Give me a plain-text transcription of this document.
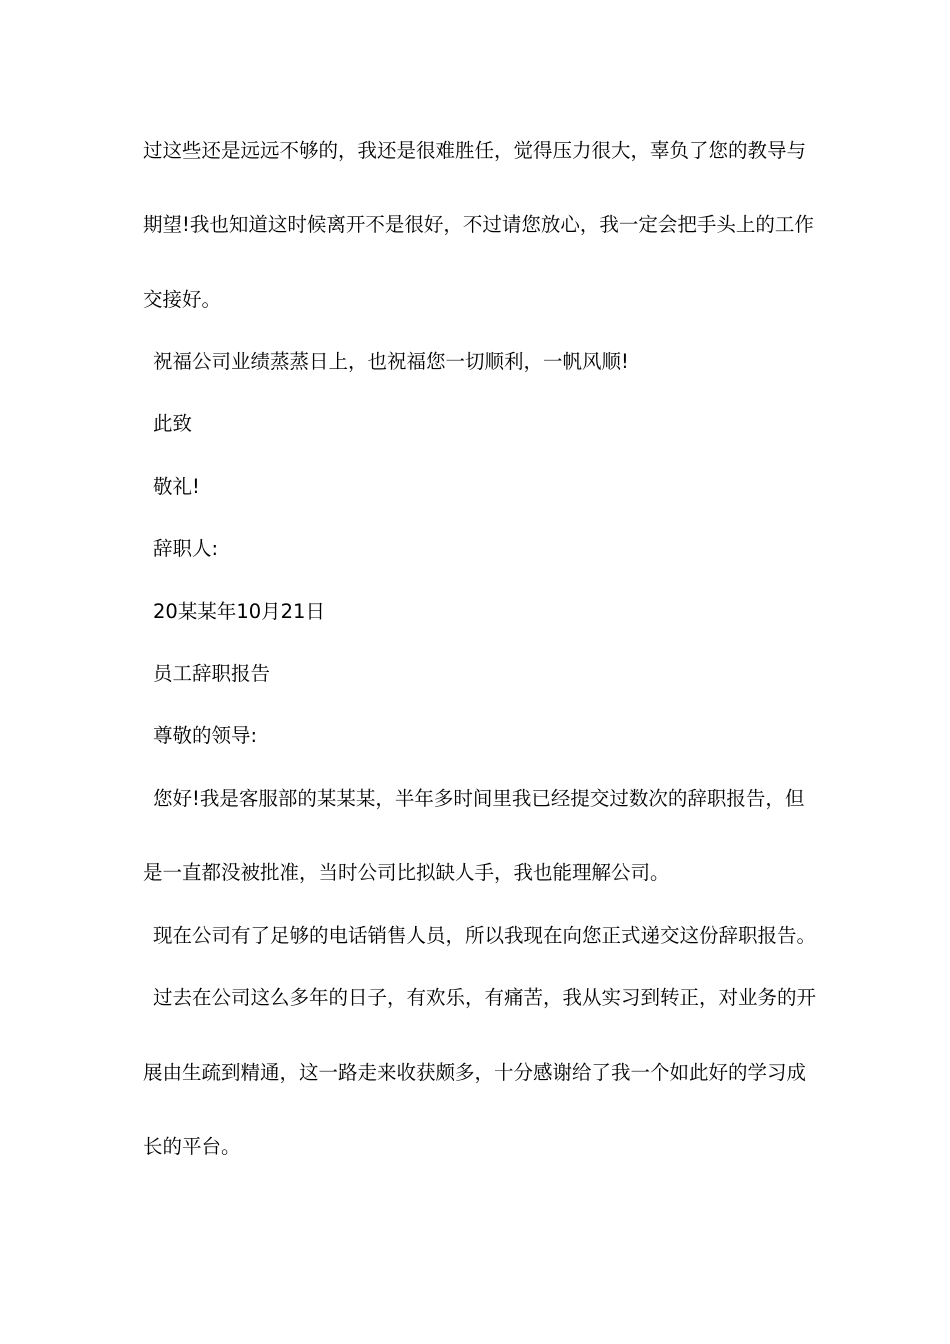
过这些还是远远不够的，我还是很难胜任，觉得压力很大，辜负了您的教导与
期望!我也知道这时候离开不是很好，不过请您放心，我一定会把手头上的工作
交接好。
祝福公司业绩蒸蒸日上，也祝福您一切顺利，一帆风顺!
此致
敬礼!
辞职人:
20某某年10月21日
员工辞职报告
尊敬的领导:
您好!我是客服部的某某某，半年多时间里我已经提交过数次的辞职报告，但
是一直都没被批准，当时公司比拟缺人手，我也能理解公司。
现在公司有了足够的电话销售人员，所以我现在向您正式递交这份辞职报告。
过去在公司这么多年的日子，有欢乐，有痛苦，我从实习到转正，对业务的开
展由生疏到精通，这一路走来收获颇多，十分感谢给了我一个如此好的学习成
长的平台。
